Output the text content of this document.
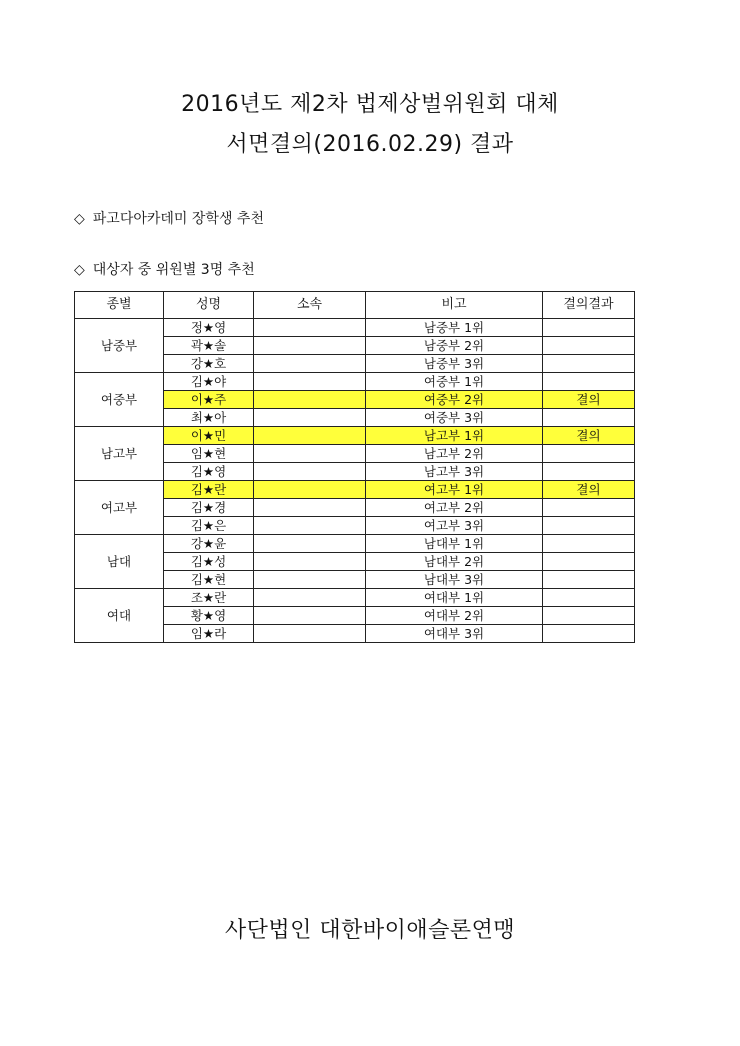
2016년도 제2차 법제상벌위원회 대체
서면결의(2016.02.29) 결과
◇ 파고다아카데미 장학생 추천
◇ 대상자 중 위원별 3명 추천
종별	성명	소속	비고	결의결과
남중부	정★영		남중부 1위	
	곽★솔		남중부 2위	
	강★호		남중부 3위	
여중부	김★야		여중부 1위	
	이★주		여중부 2위	결의
	최★아		여중부 3위	
남고부	이★민		남고부 1위	결의
	임★현		남고부 2위	
	김★영		남고부 3위	
여고부	김★란		여고부 1위	결의
	김★경		여고부 2위	
	김★은		여고부 3위	
남대	강★윤		남대부 1위	
	김★성		남대부 2위	
	김★현		남대부 3위	
여대	조★란		여대부 1위	
	황★영		여대부 2위	
	임★라		여대부 3위	
사단법인 대한바이애슬론연맹
